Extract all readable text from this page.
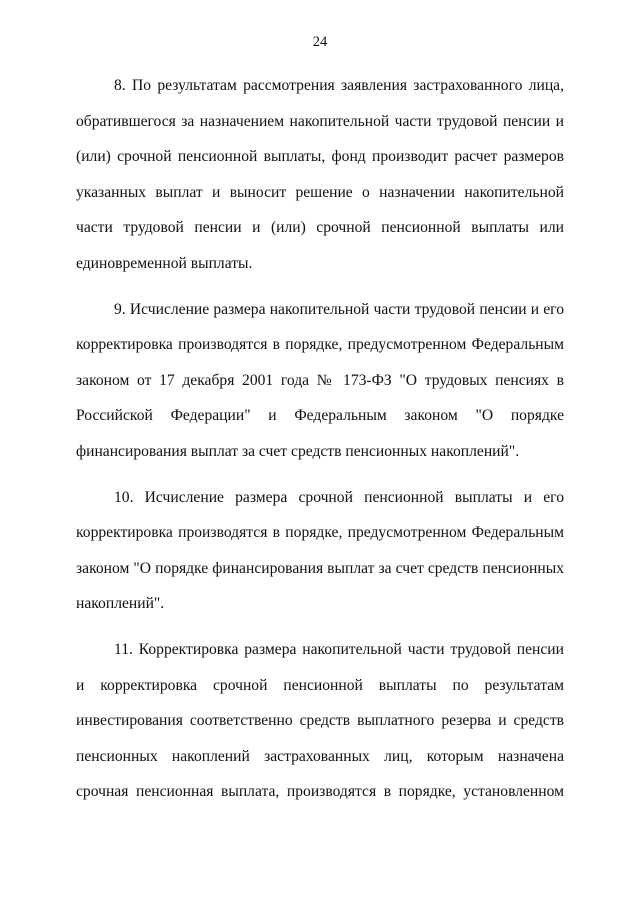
24

8. По результатам рассмотрения заявления застрахованного лица, обратившегося за назначением накопительной части трудовой пенсии и (или) срочной пенсионной выплаты, фонд производит расчет размеров указанных выплат и выносит решение о назначении накопительной части трудовой пенсии и (или) срочной пенсионной выплаты или единовременной выплаты.

9. Исчисление размера накопительной части трудовой пенсии и его корректировка производятся в порядке, предусмотренном Федеральным законом от 17 декабря 2001 года № 173-ФЗ "О трудовых пенсиях в Российской Федерации" и Федеральным законом "О порядке финансирования выплат за счет средств пенсионных накоплений".

10. Исчисление размера срочной пенсионной выплаты и его корректировка производятся в порядке, предусмотренном Федеральным законом "О порядке финансирования выплат за счет средств пенсионных накоплений".

11. Корректировка размера накопительной части трудовой пенсии и корректировка срочной пенсионной выплаты по результатам инвестирования соответственно средств выплатного резерва и средств пенсионных накоплений застрахованных лиц, которым назначена срочная пенсионная выплата, производятся в порядке, установленном
